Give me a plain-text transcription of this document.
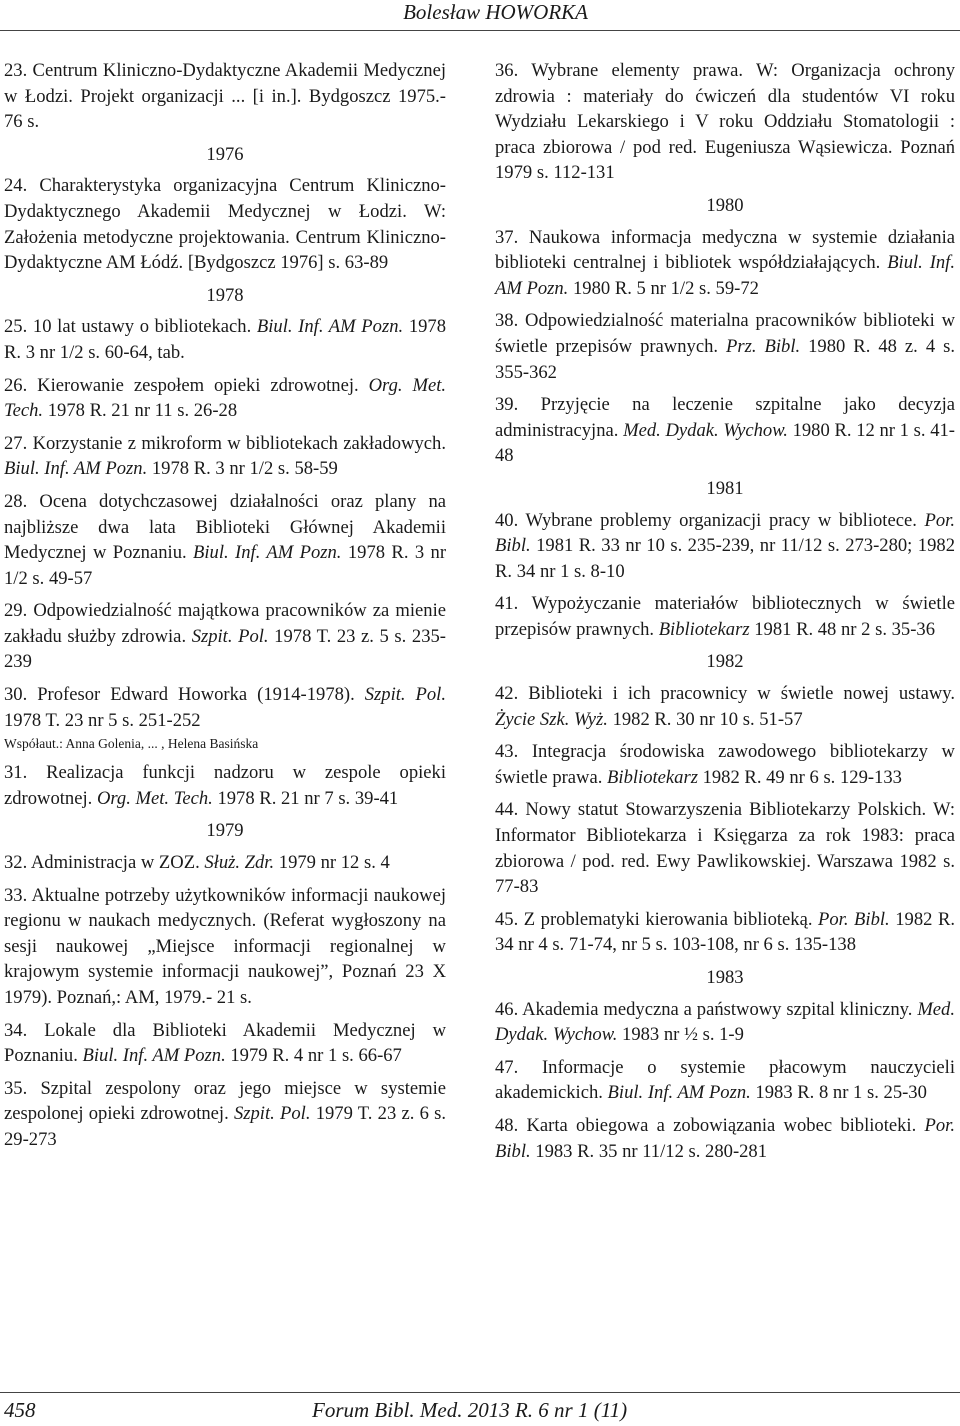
Bolesław HOWORKA

23. Centrum Kliniczno-Dydaktyczne Akademii Medycznej w Łodzi. Projekt organizacji ... [i in.]. Bydgoszcz 1975.- 76 s.

1976

24. Charakterystyka organizacyjna Centrum Kliniczno-Dydaktycznego Akademii Medycznej w Łodzi. W: Założenia metodyczne projektowania. Centrum Kliniczno-Dydaktyczne AM Łódź. [Bydgoszcz 1976] s. 63-89

1978

25. 10 lat ustawy o bibliotekach. Biul. Inf. AM Pozn. 1978 R. 3 nr 1/2 s. 60-64, tab.

26. Kierowanie zespołem opieki zdrowotnej. Org. Met. Tech. 1978 R. 21 nr 11 s. 26-28

27. Korzystanie z mikroform w bibliotekach zakładowych. Biul. Inf. AM Pozn. 1978 R. 3 nr 1/2 s. 58-59

28. Ocena dotychczasowej działalności oraz plany na najbliższe dwa lata Biblioteki Głównej Akademii Medycznej w Poznaniu. Biul. Inf. AM Pozn. 1978 R. 3 nr 1/2 s. 49-57

29. Odpowiedzialność majątkowa pracowników za mienie zakładu służby zdrowia. Szpit. Pol. 1978 T. 23 z. 5 s. 235-239

30. Profesor Edward Howorka (1914-1978). Szpit. Pol. 1978 T. 23 nr 5 s. 251-252

Współaut.: Anna Golenia, ... , Helena Basińska

31. Realizacja funkcji nadzoru w zespole opieki zdrowotnej. Org. Met. Tech. 1978 R. 21 nr 7 s. 39-41

1979

32. Administracja w ZOZ. Służ. Zdr. 1979 nr 12 s. 4

33. Aktualne potrzeby użytkowników informacji naukowej regionu w naukach medycznych. (Referat wygłoszony na sesji naukowej „Miejsce informacji regionalnej w krajowym systemie informacji naukowej”, Poznań 23 X 1979). Poznań,: AM, 1979.- 21 s.

34. Lokale dla Biblioteki Akademii Medycznej w Poznaniu. Biul. Inf. AM Pozn. 1979 R. 4 nr 1 s. 66-67

35. Szpital zespolony oraz jego miejsce w systemie zespolonej opieki zdrowotnej. Szpit. Pol. 1979 T. 23 z. 6 s. 29-273

36. Wybrane elementy prawa. W: Organizacja ochrony zdrowia : materiały do ćwiczeń dla studentów VI roku Wydziału Lekarskiego i V roku Oddziału Stomatologii : praca zbiorowa / pod red. Eugeniusza Wąsiewicza. Poznań 1979 s. 112-131

1980

37. Naukowa informacja medyczna w systemie działania biblioteki centralnej i bibliotek współdziałających. Biul. Inf. AM Pozn. 1980 R. 5 nr 1/2 s. 59-72

38. Odpowiedzialność materialna pracowników biblioteki w świetle przepisów prawnych. Prz. Bibl. 1980 R. 48 z. 4 s. 355-362

39. Przyjęcie na leczenie szpitalne jako decyzja administracyjna. Med. Dydak. Wychow. 1980 R. 12 nr 1 s. 41-48

1981

40. Wybrane problemy organizacji pracy w bibliotece. Por. Bibl. 1981 R. 33 nr 10 s. 235-239, nr 11/12 s. 273-280; 1982 R. 34 nr 1 s. 8-10

41. Wypożyczanie materiałów bibliotecznych w świetle przepisów prawnych. Bibliotekarz 1981 R. 48 nr 2 s. 35-36

1982

42. Biblioteki i ich pracownicy w świetle nowej ustawy. Życie Szk. Wyż. 1982 R. 30 nr 10 s. 51-57

43. Integracja środowiska zawodowego bibliotekarzy w świetle prawa. Bibliotekarz 1982 R. 49 nr 6 s. 129-133

44. Nowy statut Stowarzyszenia Bibliotekarzy Polskich. W: Informator Bibliotekarza i Księgarza za rok 1983: praca zbiorowa / pod. red. Ewy Pawlikowskiej. Warszawa 1982 s. 77-83

45. Z problematyki kierowania biblioteką. Por. Bibl. 1982 R. 34 nr 4 s. 71-74, nr 5 s. 103-108, nr 6 s. 135-138

1983

46. Akademia medyczna a państwowy szpital kliniczny. Med. Dydak. Wychow. 1983 nr ½ s. 1-9

47. Informacje o systemie płacowym nauczycieli akademickich. Biul. Inf. AM Pozn. 1983 R. 8 nr 1 s. 25-30

48. Karta obiegowa a zobowiązania wobec biblioteki. Por. Bibl. 1983 R. 35 nr 11/12 s. 280-281

458	Forum Bibl. Med. 2013 R. 6 nr 1 (11)
